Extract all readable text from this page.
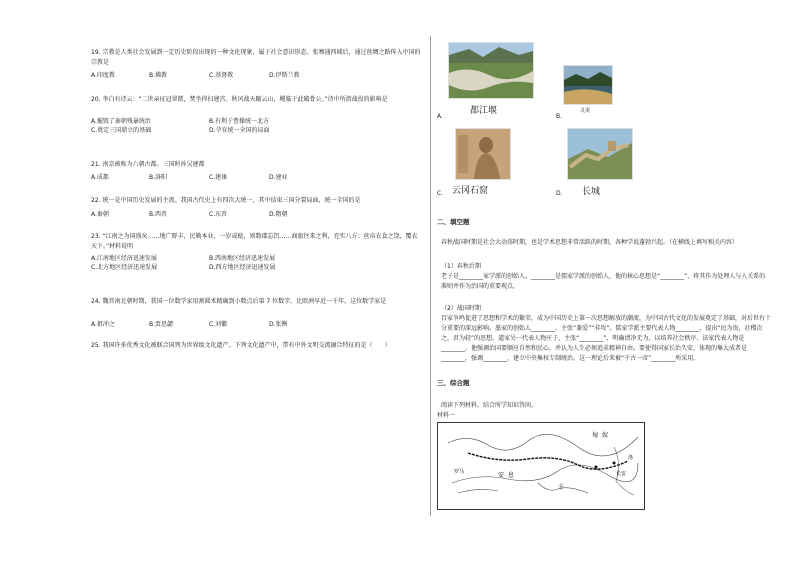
19. 宗教是人类社会发展到一定历史阶段出现的一种文化现象，属于社会意识形态。张骞通西域后，通过丝绸之路传入中国的宗教是
A.印度教	B.佛教	C.基督教	D.伊斯兰教
20. 李白有诗云：“二世亲征冠翠微，焚坐捍扫建宫。秋风战天颐云山，飓临于此破骨公。”诗中所指战役的影响是
A.摧毁了秦朝残暴统治	B.有利于曹操统一北方
C.奠定三国鼎立的基础	D.孕育统一全国的局面
21. 南京被称为六朝古都。三国时孙吴建都
A.成都	B.洛阳	C.建康	D.建业
22. 统一是中国历史发展的主流。我国古代史上有四次大统一，其中结束三国分裂局面，统一全国的是
A.秦朝	B.西晋	C.东晋	D.隋朝
23. “江南之为国盛矣……地广野丰，民勤本业，一岁或稔，则数郡忘饥……商旅往来之利，充实八方；丝帛衣食之饶，覆衣天下。”材料说明
A.江南地区经济迅速发展	B.西南地区经济迅速发展
C.北方地区经济迅速发展	D.西方地区经济迅速发展
24. 魏晋南北朝时期，我国一位数学家用割圆术精确到小数点后第 7 位数字，比欧洲早近一千年。这位数学家是
A.祖冲之	B.贾思勰	C.刘徽	D.张衡
25. 我国许多优秀文化被联合国列为世界级文化遗产。下列文化遗产中，带有中外文明交流融合特征的是（　　）
A.
都江堰
B.
灵渠
C. 云冈石窟	D. 长城
二、填空题
春秋战国时期是社会大动荡时期，也是学术思想非常活跃的时期，各种学说蓬勃兴起。（在横线上填写相关内容）
（1）春秋后期
老子是________家学派的创始人。________是儒家学派的创始人，他的核心思想是“________”，将其作为处理人与人关系的准则并作为治国的重要观点。
（2）战国时期
百家争鸣促进了思想和学术的繁荣，成为中国历史上第一次思想解放的潮流，为中国古代文化的发展奠定了基础，对后世有十分重要的深远影响。墨家的创始人________，主张“兼爱”“非攻”。儒家学派主要代表人物________，提出“民为贵，社稷次之，君为轻”的思想。道家另一代表人物庄子，主张“________”，明确清净无为，以培养社会秩序。法家代表人物是________，他强调治国要顺应自然和民心，并认为人生必须追求精神自由。要使得国家长治久安，体现的集大成者是________，强调________，建立中央集权专制统治。这一理论后来被“千古一帝”________所采用。
三、综合题
阅读下列材料，结合所学知识答问。
材料一
匈 奴
长安
千
安 息
罗马
洛
